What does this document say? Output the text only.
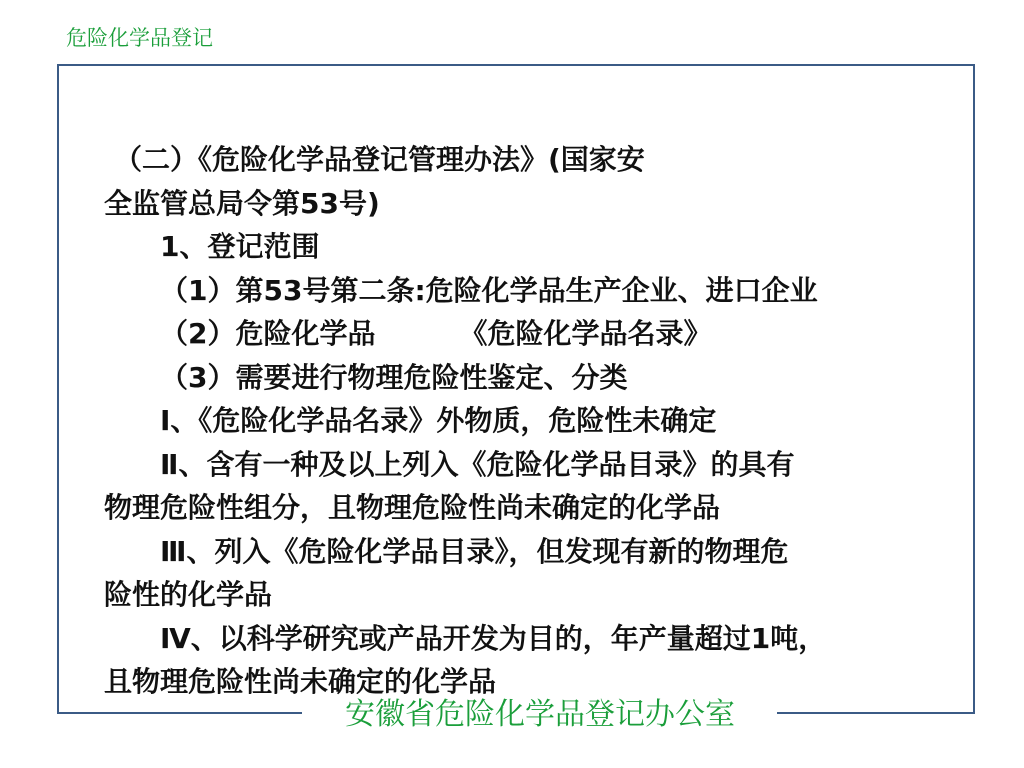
危险化学品登记
（二）《危险化学品登记管理办法》(国家安
全监管总局令第53号)
1、登记范围
（1）第53号第二条:危险化学品生产企业、进口企业
（2）危险化学品	《危险化学品名录》
（3）需要进行物理危险性鉴定、分类
Ⅰ、《危险化学品名录》外物质，危险性未确定
Ⅱ、含有一种及以上列入《危险化学品目录》的具有
物理危险性组分，且物理危险性尚未确定的化学品
Ⅲ、列入《危险化学品目录》，但发现有新的物理危
险性的化学品
Ⅳ、以科学研究或产品开发为目的，年产量超过1吨，
且物理危险性尚未确定的化学品
安徽省危险化学品登记办公室
